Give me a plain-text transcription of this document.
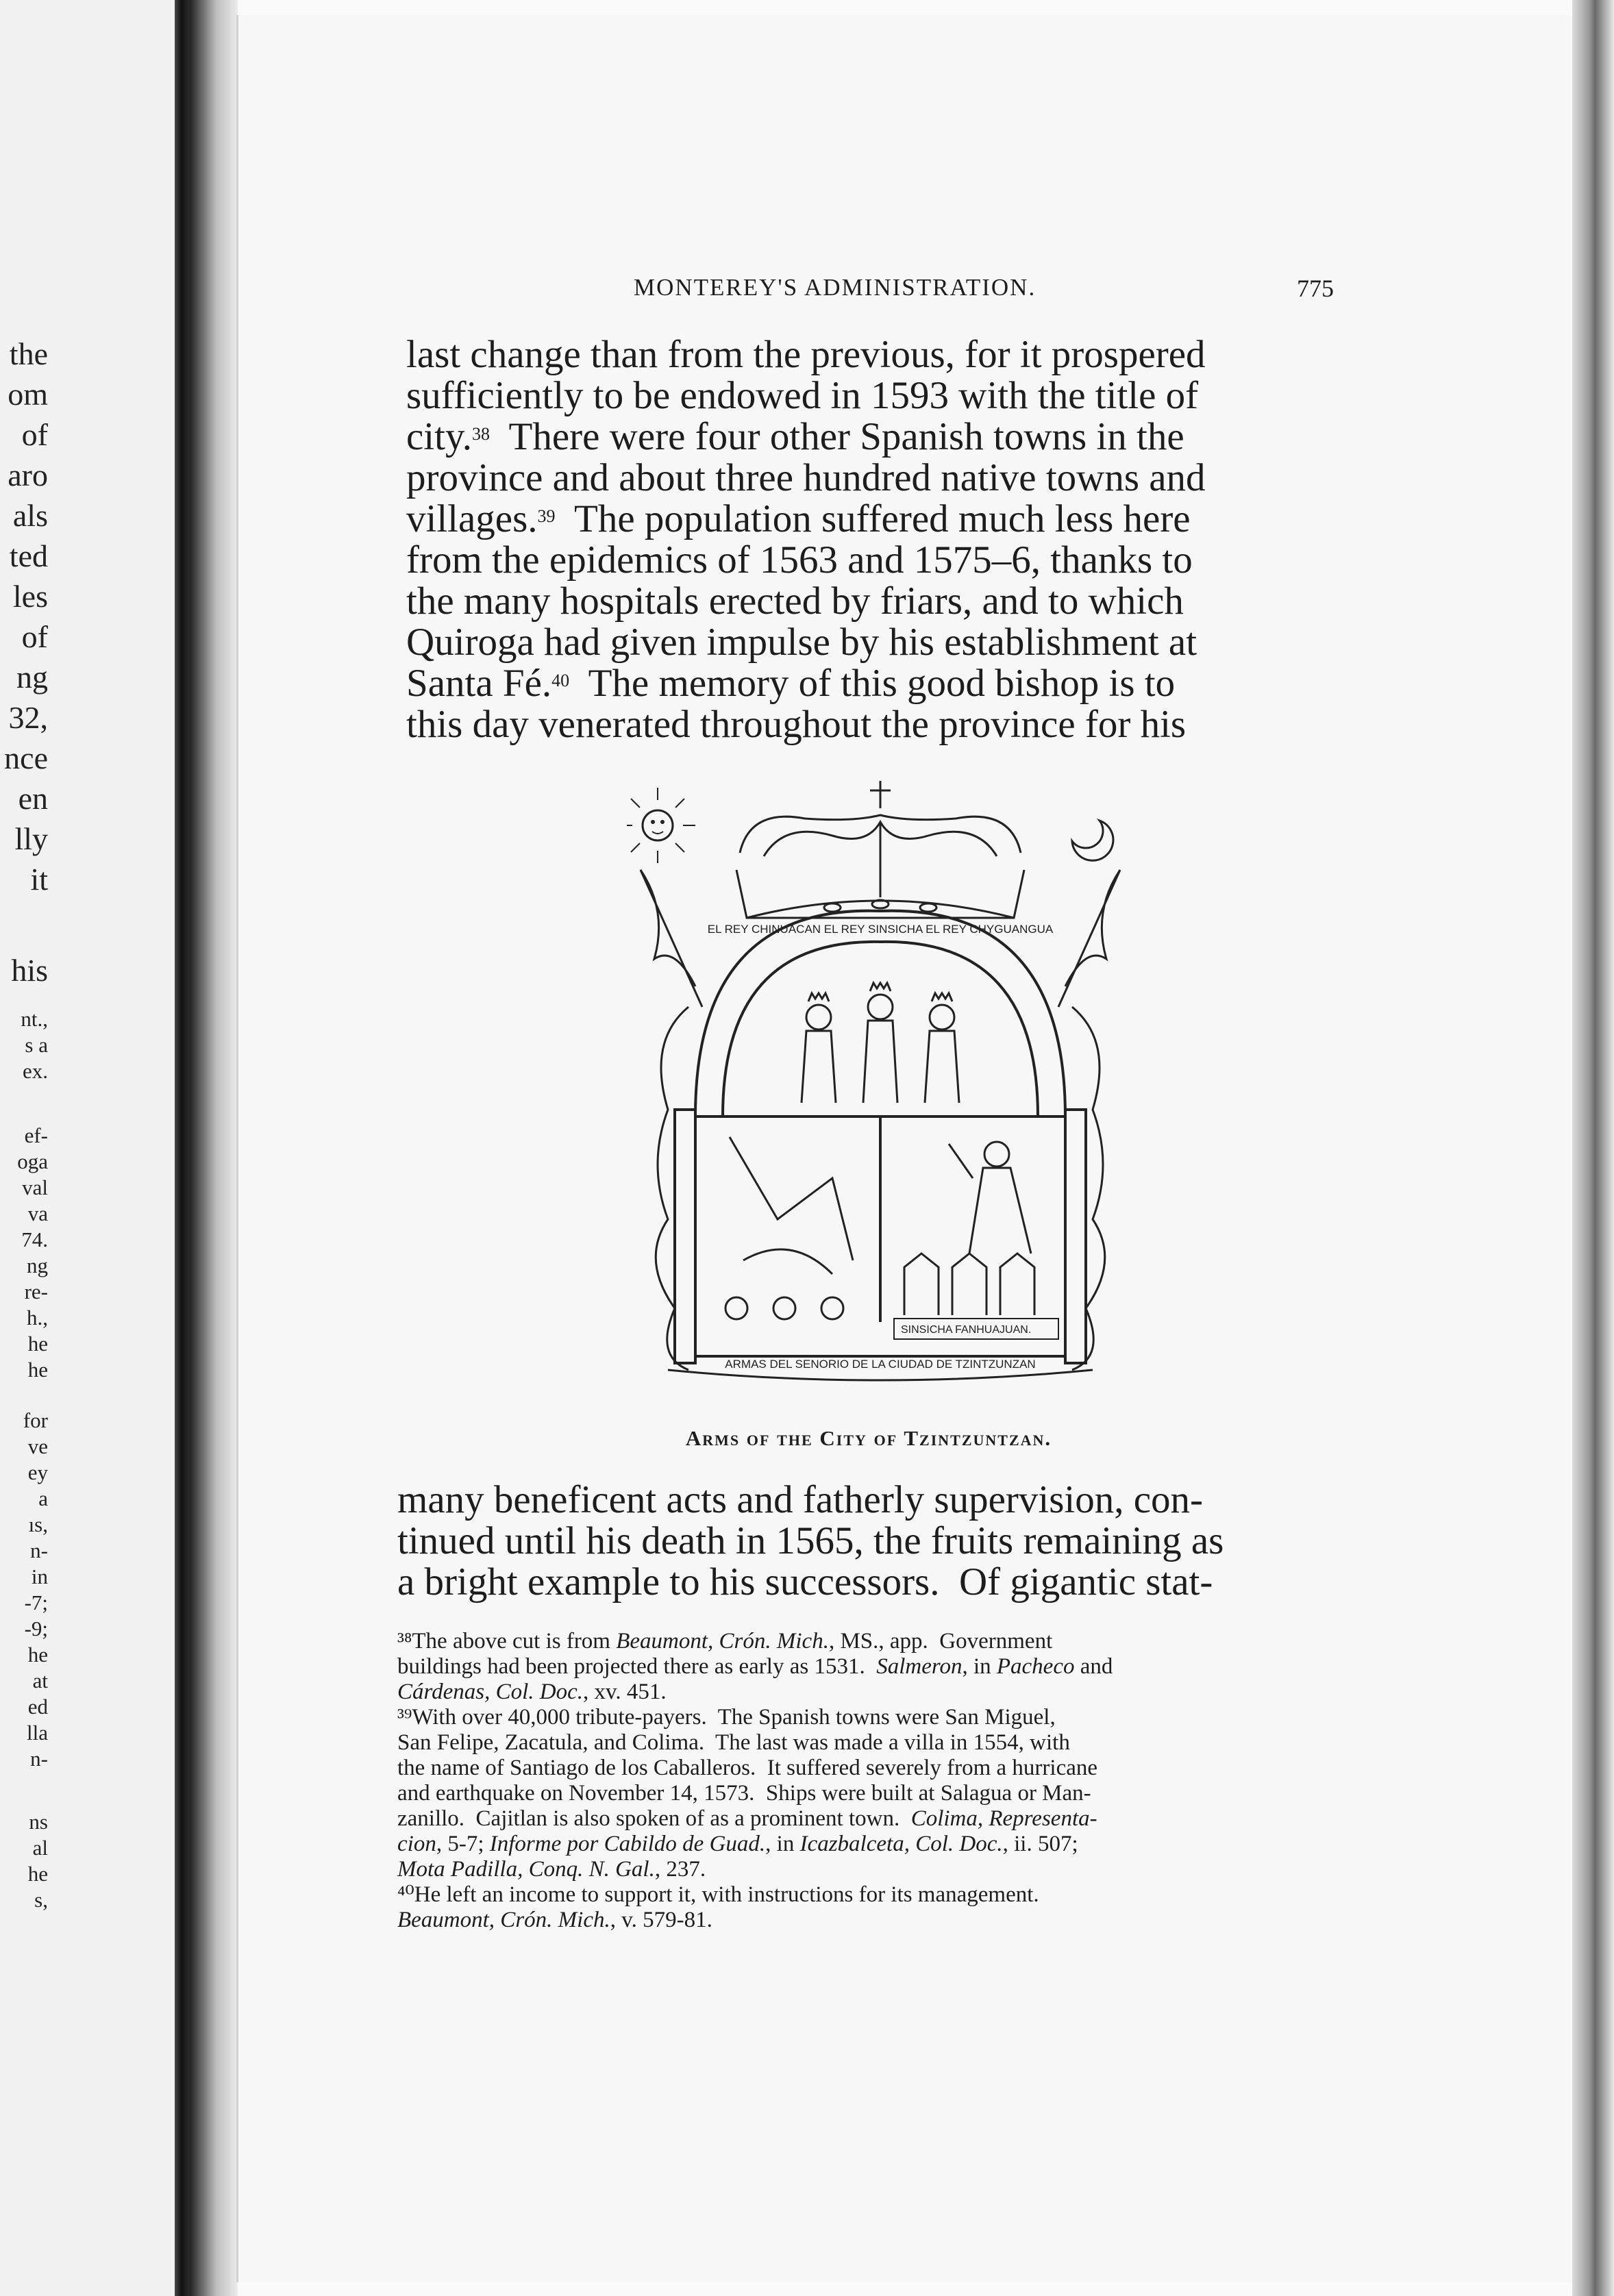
the
om
of
aro
als
ted
les
of
ng
32,
nce
en
lly
it
his
nt.,
s a
ex.
ef-
oga
val
va
74.
ng
re-
h.,
he
he
for
ve
ey
a
ıs,
n-
in
-7;
-9;
he
at
ed
lla
n-
ns
al
he
s,
MONTEREY'S ADMINISTRATION.	775
last change than from the previous, for it prospered
sufficiently to be endowed in 1593 with the title of
city.$^{38}$  There were four other Spanish towns in the
province and about three hundred native towns and
villages.$^{39}$  The population suffered much less here
from the epidemics of 1563 and 1575–6, thanks to
the many hospitals erected by friars, and to which
Quiroga had given impulse by his establishment at
Santa Fé.$^{40}$  The memory of this good bishop is to
this day venerated throughout the province for his
EL REY CHINUACAN EL REY SINSICHA EL REY CHYGUANGUA
SINSICHA FANHUAJUAN.
ARMAS DEL SENORIO DE LA CIUDAD DE TZINTZUNZAN
Arms of the City of Tzintzuntzan.
many beneficent acts and fatherly supervision, con-
tinued until his death in 1565, the fruits remaining as
a bright example to his successors.  Of gigantic stat-
³⁸The above cut is from Beaumont, Crón. Mich., MS., app.  Government
buildings had been projected there as early as 1531.  Salmeron, in Pacheco and
Cárdenas, Col. Doc., xv. 451.
³⁹With over 40,000 tribute-payers.  The Spanish towns were San Miguel,
San Felipe, Zacatula, and Colima.  The last was made a villa in 1554, with
the name of Santiago de los Caballeros.  It suffered severely from a hurricane
and earthquake on November 14, 1573.  Ships were built at Salagua or Man-
zanillo.  Cajitlan is also spoken of as a prominent town.  Colima, Representa-
cion, 5-7; Informe por Cabildo de Guad., in Icazbalceta, Col. Doc., ii. 507;
Mota Padilla, Conq. N. Gal., 237.
⁴⁰He left an income to support it, with instructions for its management.
Beaumont, Crón. Mich., v. 579-81.
